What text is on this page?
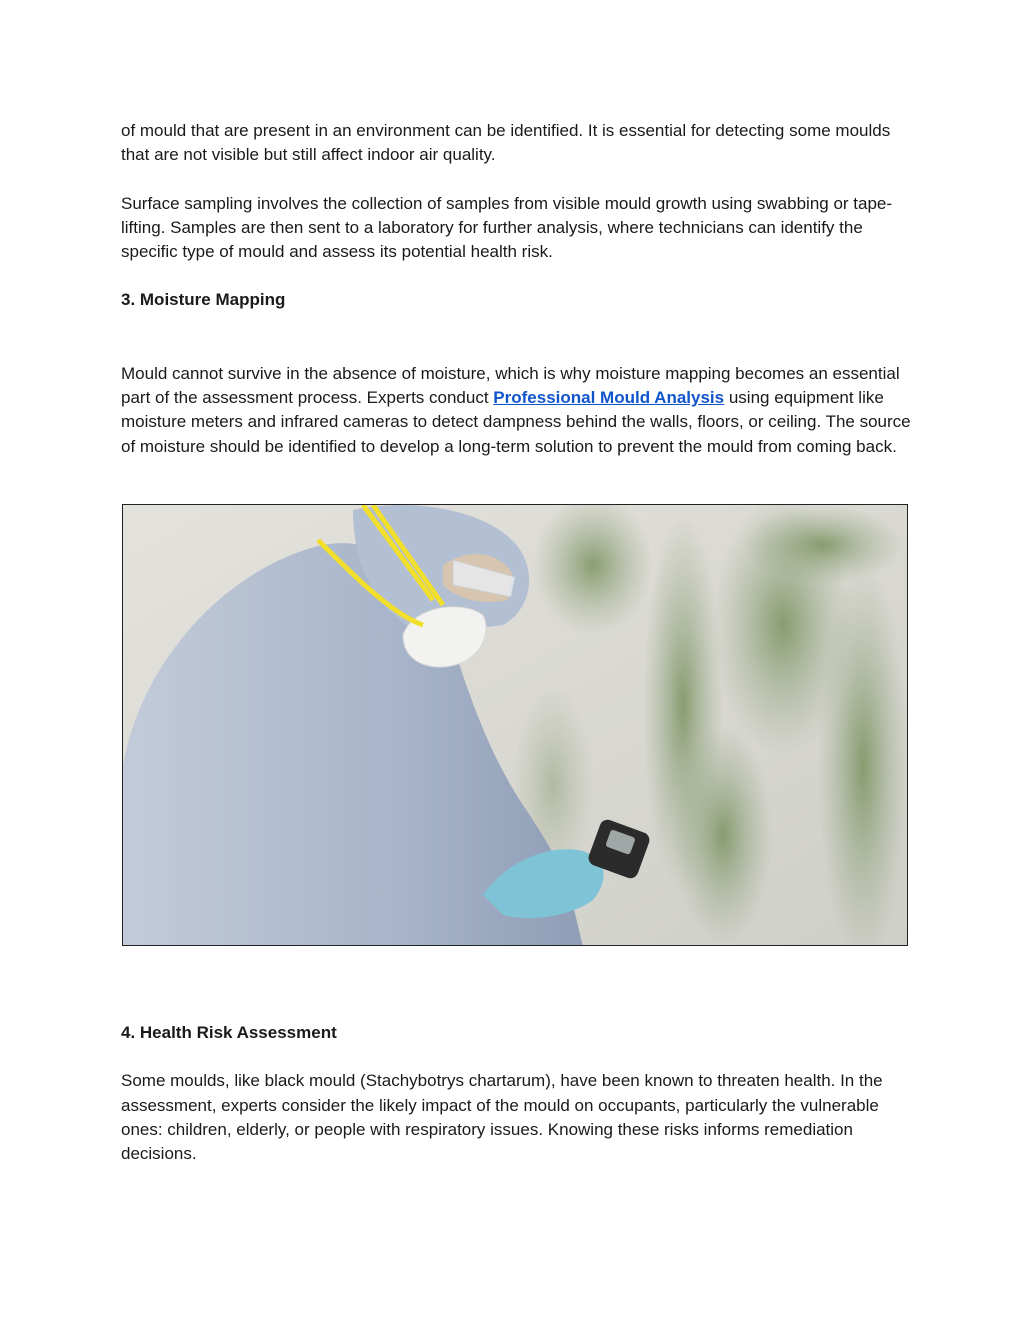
of mould that are present in an environment can be identified. It is essential for detecting some moulds that are not visible but still affect indoor air quality.

Surface sampling involves the collection of samples from visible mould growth using swabbing or tape-lifting. Samples are then sent to a laboratory for further analysis, where technicians can identify the specific type of mould and assess its potential health risk.

3. Moisture Mapping

Mould cannot survive in the absence of moisture, which is why moisture mapping becomes an essential part of the assessment process. Experts conduct Professional Mould Analysis using equipment like moisture meters and infrared cameras to detect dampness behind the walls, floors, or ceiling. The source of moisture should be identified to develop a long-term solution to prevent the mould from coming back.

4. Health Risk Assessment

Some moulds, like black mould (Stachybotrys chartarum), have been known to threaten health. In the assessment, experts consider the likely impact of the mould on occupants, particularly the vulnerable ones: children, elderly, or people with respiratory issues. Knowing these risks informs remediation decisions.
